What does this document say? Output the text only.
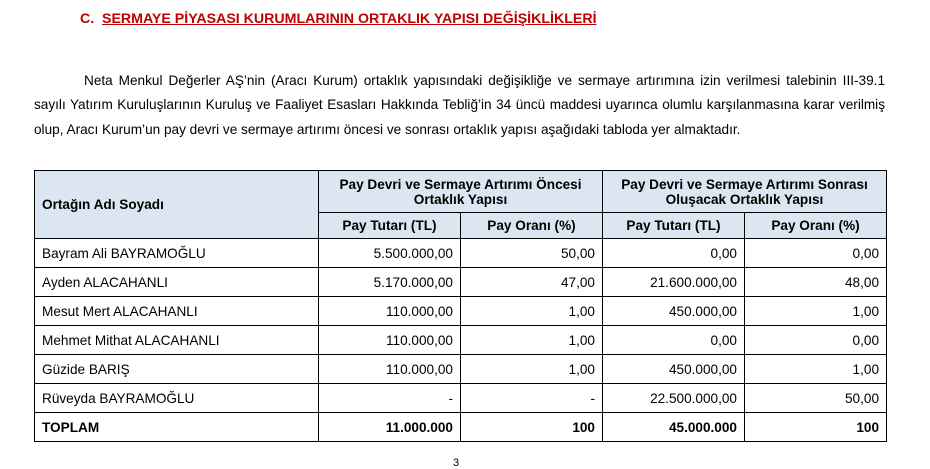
C. SERMAYE PİYASASI KURUMLARININ ORTAKLIK YAPISI DEĞİŞİKLİKLERİ

Neta Menkul Değerler AŞ’nin (Aracı Kurum) ortaklık yapısındaki değişikliğe ve sermaye artırımına izin verilmesi talebinin III-39.1 sayılı Yatırım Kuruluşlarının Kuruluş ve Faaliyet Esasları Hakkında Tebliğ’in 34 üncü maddesi uyarınca olumlu karşılanmasına karar verilmiş olup, Aracı Kurum’un pay devri ve sermaye artırımı öncesi ve sonrası ortaklık yapısı aşağıdaki tabloda yer almaktadır.

Ortağın Adı Soyadı	Pay Devri ve Sermaye Artırımı Öncesi Ortaklık Yapısı		Pay Devri ve Sermaye Artırımı Sonrası Oluşacak Ortaklık Yapısı	
	Pay Tutarı (TL)	Pay Oranı (%)	Pay Tutarı (TL)	Pay Oranı (%)
Bayram Ali BAYRAMOĞLU	5.500.000,00	50,00	0,00	0,00
Ayden ALACAHANLI	5.170.000,00	47,00	21.600.000,00	48,00
Mesut Mert ALACAHANLI	110.000,00	1,00	450.000,00	1,00
Mehmet Mithat ALACAHANLI	110.000,00	1,00	0,00	0,00
Güzide BARIŞ	110.000,00	1,00	450.000,00	1,00
Rüveyda BAYRAMOĞLU	-	-	22.500.000,00	50,00
TOPLAM	11.000.000	100	45.000.000	100
3
